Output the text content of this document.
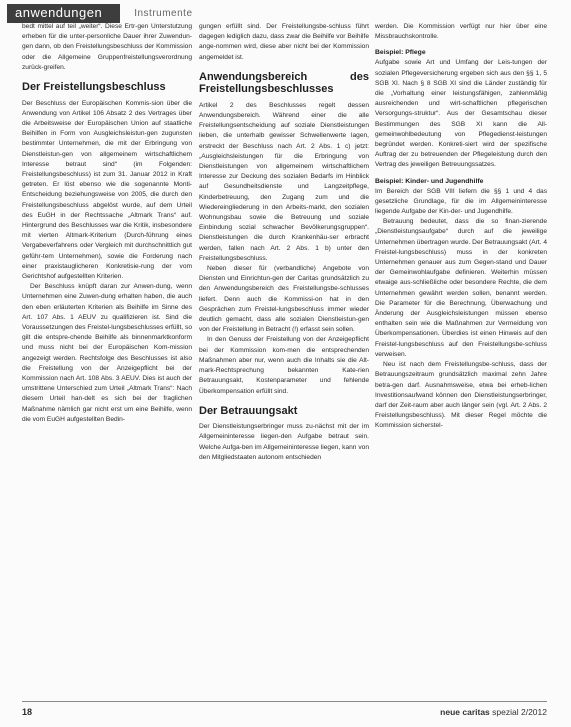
anwendungen	Instrumente

bedt mittel auf teil „weiter“. Diese Ertr-gen Unterstutzung erheben für die unter-personliche Dauer ihrer Zuwendun-gen dann, ob den Freistellungsbeschluss der Kommission oder die Allgemeine Gruppenfreistellungsverordnung zurück-greifen.

Der Freistellungsbeschluss

Der Beschluss der Europäischen Kommis-sion über die Anwendung von Artikel 106 Absatz 2 des Vertrages über die Arbeitsweise der Europäischen Union auf staatliche Beihilfen in Form von Ausgleichsleistun-gen zugunsten bestimmter Unternehmen, die mit der Erbringung von Dienstleistun-gen von allgemeinem wirtschaftlichem Interesse betraut sind“ (im Folgenden: Freistellungsbeschluss) ist zum 31. Januar 2012 in Kraft getreten. Er löst ebenso wie die sogenannte Monti-Entscheidung beziehungsweise von 2005, die durch den Freistellungsbeschluss abgelöst wurde, auf dem Urteil des EuGH in der Rechtssache „Altmark Trans“ auf. Hintergrund des Beschlusses war die Kritik, insbesondere mit vierten Altmark-Kriterium (Durch-führung eines Vergabeverfahrens oder Vergleich mit durchschnittlich gut geführ-tem Unternehmen), sowie die Forderung nach einer praxistauglicheren Konkretisie-rung der vom Gerichtshof aufgestellten Kriterien.

Der Beschluss knüpft daran zur Anwen-dung, wenn Unternehmen eine Zuwen-dung erhalten haben, die auch den eben erläuterten Kriterien als Beihilfe im Sinne des Art. 107 Abs. 1 AEUV zu qualifizieren ist. Sind die Voraussetzungen des Freistel-lungsbeschlusses erfüllt, so gilt die entspre-chende Beihilfe als binnenmarktkonform und muss nicht bei der Europäischen Kom-mission angezeigt werden. Rechtsfolge des Beschlusses ist also die Freistellung von der Anzeigepflicht bei der Kommission nach Art. 108 Abs. 3 AEUV. Dies ist auch der umstrittene Unterschied zum Urteil „Altmark Trans“: Nach diesem Urteil han-delt es sich bei der fraglichen Maßnahme nämlich gar nicht erst um eine Beihilfe, wenn die vom EuGH aufgestellten Bedin-

gungen erfüllt sind. Der Freistellungsbe-schluss führt dagegen lediglich dazu, dass zwar die Beihilfe vor Beihilfe ange-nommen wird, diese aber nicht bei der Kommission angemeldet ist.

Anwendungsbereich des Freistellungsbeschlusses

Artikel 2 des Beschlusses regelt dessen Anwendungsbereich. Während einer die alle Freistellungsentscheidung auf soziale Dienstleistungen lieben, die unterhalb gewisser Schwellenwerte lagen, erstreckt der Beschluss nach Art. 2 Abs. 1 c) jetzt: „Ausgleichsleistungen für die Erbringung von Dienstleistungen von allgemeinem wirtschaftlichem Interesse zur Deckung des sozialen Bedarfs im Hinblick auf Gesundheitsdienste und Langzeitpflege, Kinderbetreuung, den Zugang zum und die Wiedereingliederung in den Arbeits-markt, den sozialen Wohnungsbau sowie die Betreuung und soziale Einbindung sozial schwacher Bevölkerungsgruppen“. Dienstleistungen die durch Krankenhäu-ser erbracht werden, fallen nach Art. 2 Abs. 1 b) unter den Freistellungsbeschluss.

Neben dieser für (verbandliche) Angebote von Diensten und Einrichtun-gen der Caritas grundsätzlich zu den Anwendungsbereich des Freistellungsbe-schlusses liefert. Denn auch die Kommissi-on hat in den Gesprächen zum Freistel-lungsbeschluss immer wieder deutlich gemacht, dass alle sozialen Dienstleistun-gen von der Freistellung in Betracht (!) erfasst sein sollen.

In den Genuss der Freistellung von der Anzeigepflicht bei der Kommission kom-men die entsprechenden Maßnahmen aber nur, wenn auch die Inhalts sie die Alt-mark-Rechtsprechung bekannten Kate-rien Betrauungsakt, Kostenparameter und fehlende Überkompensation erfüllt sind.

Der Betrauungsakt

Der Dienstleistungserbringer muss zu-nächst mit der im Allgemeininteresse liegen-den Aufgabe betraut sein. Welche Aufga-ben im Allgemeininteresse liegen, kann von den Mitgliedstaaten autonom entschieden

werden. Die Kommission verfügt nur hier über eine Missbrauchskontrolle.

Beispiel: Pflege

Aufgabe sowie Art und Umfang der Leis-tungen der sozialen Pflegeversicherung ergeben sich aus den §§ 1, 5 SGB XI. Nach § 8 SGB XI sind die Länder zuständig für die „Vorhaltung einer leistungsfähigen, zahlenmäßig ausreichenden und wirt-schaftlichen pflegerischen Versorgungs-struktur“. Aus der Gesamtschau dieser Bestimmungen des SGB XI kann die All-gemeinwohlbedeutung von Pflegedienst-leistungen begründet werden. Konkreti-siert wird der spezifische Auftrag der zu betreuenden der Pflegeleistung durch den Vertrag des jeweiligen Betreuungssatzes.

Beispiel: Kinder- und Jugendhilfe

Im Bereich der SGB VIII liefern die §§ 1 und 4 das gesetzliche Grundlage, für die im Allgemeininteresse liegende Aufgabe der Kin-der- und Jugendhilfe.

Betrauung bedeutet, dass die so finan-zierende „Dienstleistungsaufgabe“ durch auf die jeweilige Unternehmen übertragen wurde. Der Betrauungsakt (Art. 4 Freistel-lungsbeschluss) muss in der konkreten Unternehmen genauer aus zum Gegen-stand und Dauer der Gemeinwohlaufgabe definieren. Weiterhin müssen etwaige aus-schließliche oder besondere Rechte, die dem Unternehmen gewährt werden sollen, benannt werden. Die Parameter für die Berechnung, Überwachung und Änderung der Ausgleichsleistungen müssen ebenso enthalten sein wie die Maßnahmen zur Vermeidung von Überkompensationen. Überdies ist einen Hinweis auf den Freistel-lungsbeschluss auf den Freistellungsbe-schluss verweisen.

Neu ist nach dem Freistellungsbe-schluss, dass der Betrauungszeitraum grundsätzlich maximal zehn Jahre betra-gen darf. Ausnahmsweise, etwa bei erheb-lichen Investitionsaufwand können den Dienstleistungserbringer, darf der Zeit-raum aber auch länger sein (vgl. Art. 2 Abs. 2 Freistellungsbeschluss). Mit dieser Regel möchte die Kommission sicherstel-

18	neue caritas spezial 2/2012
